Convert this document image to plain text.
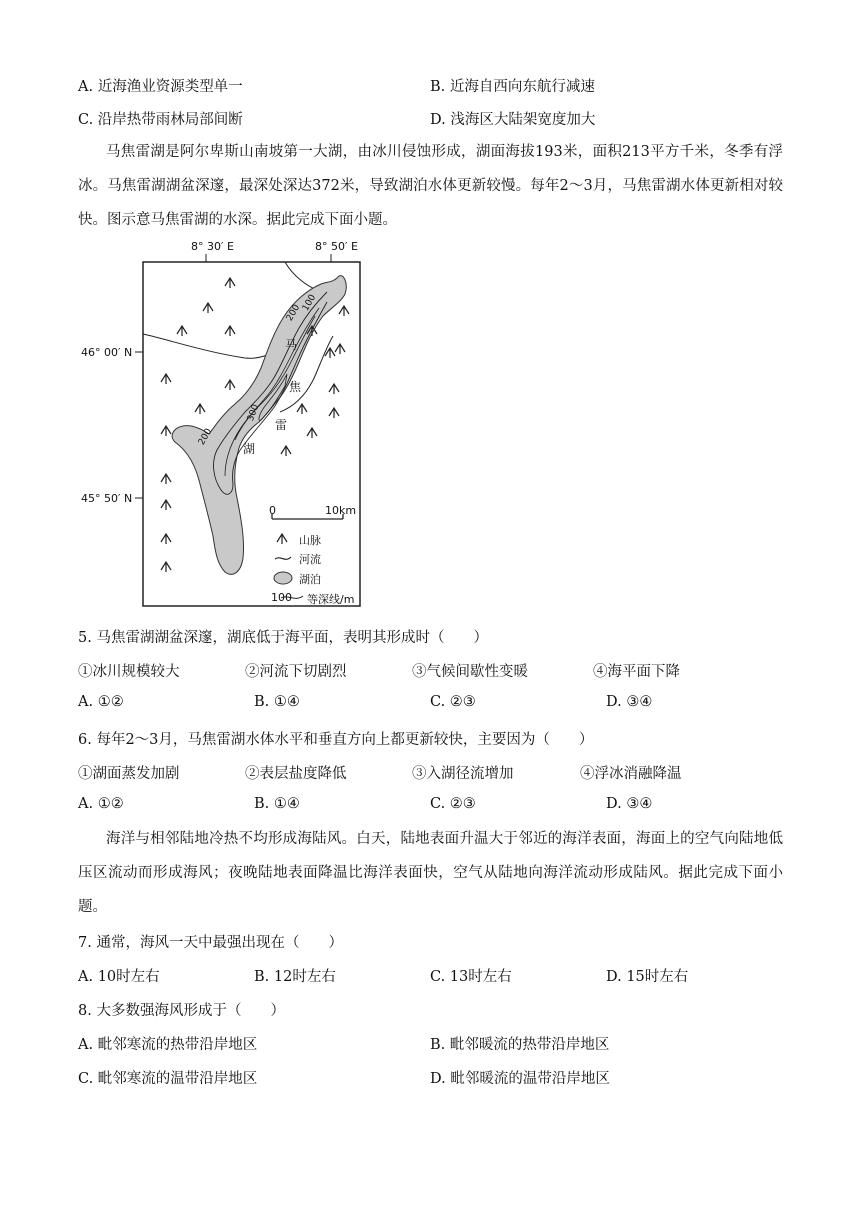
A. 近海渔业资源类型单一	B. 近海自西向东航行减速
C. 沿岸热带雨林局部间断	D. 浅海区大陆架宽度加大
马焦雷湖是阿尔卑斯山南坡第一大湖，由冰川侵蚀形成，湖面海拔193米，面积213平方千米，冬季有浮冰。马焦雷湖湖盆深邃，最深处深达372米，导致湖泊水体更新较慢。每年2～3月，马焦雷湖水体更新相对较快。图示意马焦雷湖的水深。据此完成下面小题。
8° 30′ E	8° 50′ E
46° 00′ N
45° 50′ N
马
焦
雷
湖
100
200
300
200
0	10km
山脉
河流
湖泊
100 等深线/m
5. 马焦雷湖湖盆深邃，湖底低于海平面，表明其形成时（　　）
①冰川规模较大	②河流下切剧烈	③气候间歇性变暖	④海平面下降
A. ①②	B. ①④	C. ②③	D. ③④
6. 每年2～3月，马焦雷湖水体水平和垂直方向上都更新较快，主要因为（　　）
①湖面蒸发加剧	②表层盐度降低	③入湖径流增加	④浮冰消融降温
A. ①②	B. ①④	C. ②③	D. ③④
海洋与相邻陆地冷热不均形成海陆风。白天，陆地表面升温大于邻近的海洋表面，海面上的空气向陆地低压区流动而形成海风；夜晚陆地表面降温比海洋表面快，空气从陆地向海洋流动形成陆风。据此完成下面小题。
7. 通常，海风一天中最强出现在（　　）
A. 10时左右	B. 12时左右	C. 13时左右	D. 15时左右
8. 大多数强海风形成于（　　）
A. 毗邻寒流的热带沿岸地区	B. 毗邻暖流的热带沿岸地区
C. 毗邻寒流的温带沿岸地区	D. 毗邻暖流的温带沿岸地区
